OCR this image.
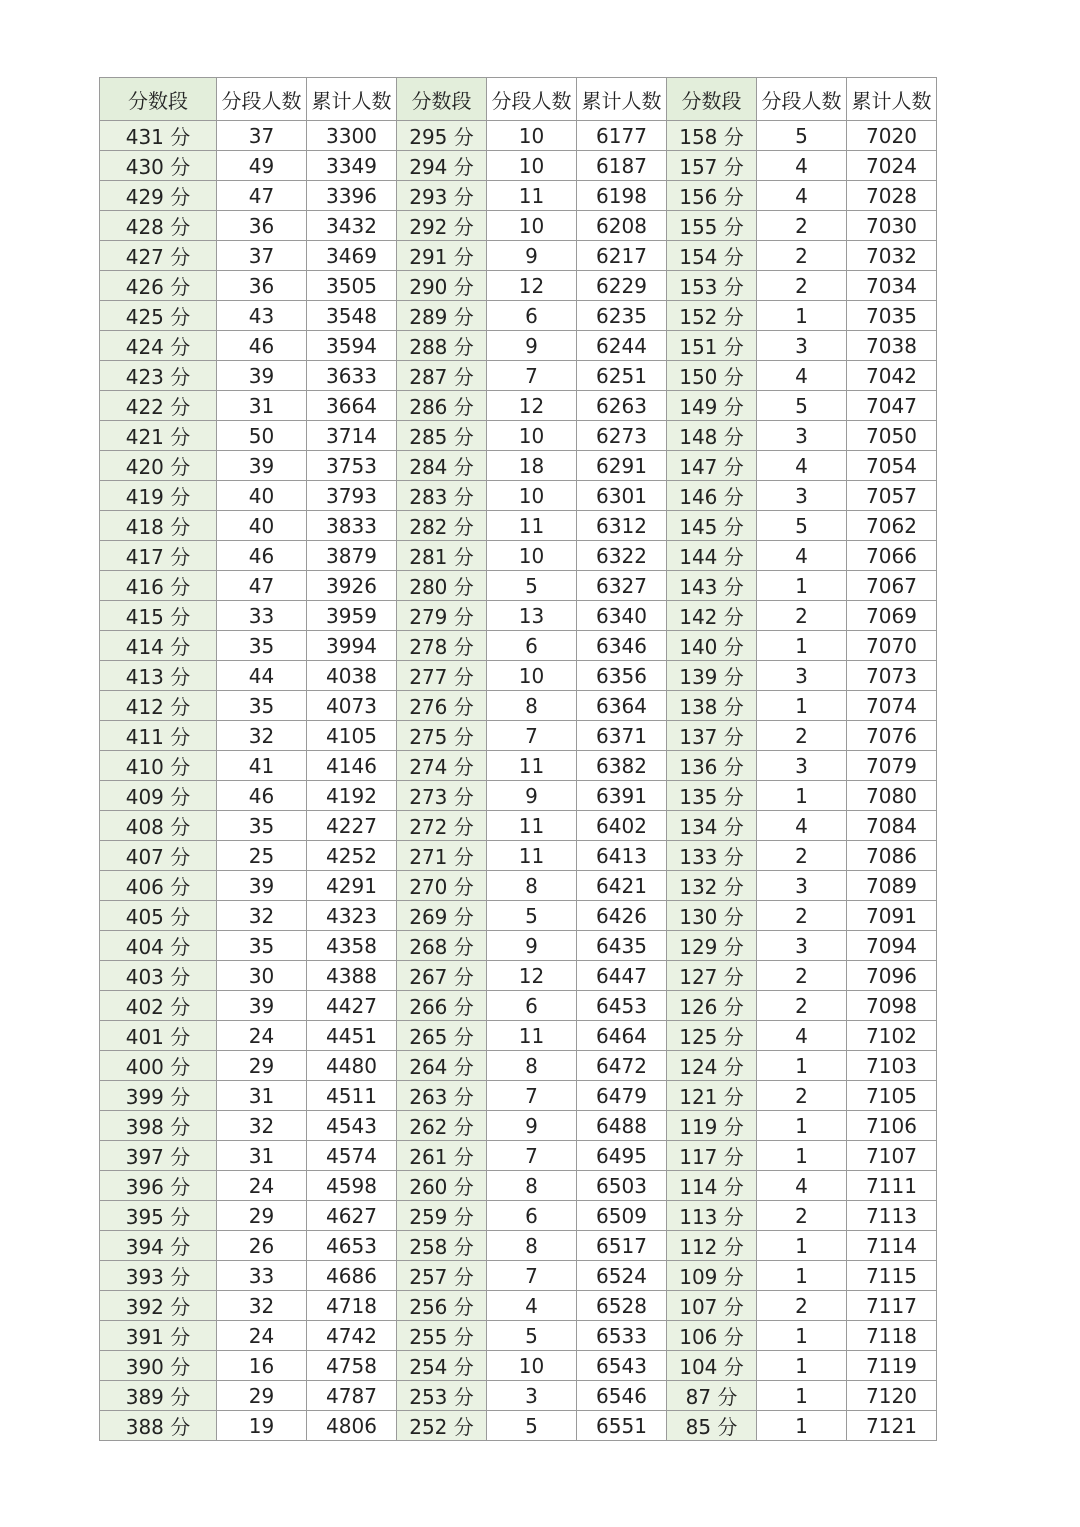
分数段	分段人数	累计人数	分数段	分段人数	累计人数	分数段	分段人数	累计人数
431 分	37	3300	295 分	10	6177	158 分	5	7020
430 分	49	3349	294 分	10	6187	157 分	4	7024
429 分	47	3396	293 分	11	6198	156 分	4	7028
428 分	36	3432	292 分	10	6208	155 分	2	7030
427 分	37	3469	291 分	9	6217	154 分	2	7032
426 分	36	3505	290 分	12	6229	153 分	2	7034
425 分	43	3548	289 分	6	6235	152 分	1	7035
424 分	46	3594	288 分	9	6244	151 分	3	7038
423 分	39	3633	287 分	7	6251	150 分	4	7042
422 分	31	3664	286 分	12	6263	149 分	5	7047
421 分	50	3714	285 分	10	6273	148 分	3	7050
420 分	39	3753	284 分	18	6291	147 分	4	7054
419 分	40	3793	283 分	10	6301	146 分	3	7057
418 分	40	3833	282 分	11	6312	145 分	5	7062
417 分	46	3879	281 分	10	6322	144 分	4	7066
416 分	47	3926	280 分	5	6327	143 分	1	7067
415 分	33	3959	279 分	13	6340	142 分	2	7069
414 分	35	3994	278 分	6	6346	140 分	1	7070
413 分	44	4038	277 分	10	6356	139 分	3	7073
412 分	35	4073	276 分	8	6364	138 分	1	7074
411 分	32	4105	275 分	7	6371	137 分	2	7076
410 分	41	4146	274 分	11	6382	136 分	3	7079
409 分	46	4192	273 分	9	6391	135 分	1	7080
408 分	35	4227	272 分	11	6402	134 分	4	7084
407 分	25	4252	271 分	11	6413	133 分	2	7086
406 分	39	4291	270 分	8	6421	132 分	3	7089
405 分	32	4323	269 分	5	6426	130 分	2	7091
404 分	35	4358	268 分	9	6435	129 分	3	7094
403 分	30	4388	267 分	12	6447	127 分	2	7096
402 分	39	4427	266 分	6	6453	126 分	2	7098
401 分	24	4451	265 分	11	6464	125 分	4	7102
400 分	29	4480	264 分	8	6472	124 分	1	7103
399 分	31	4511	263 分	7	6479	121 分	2	7105
398 分	32	4543	262 分	9	6488	119 分	1	7106
397 分	31	4574	261 分	7	6495	117 分	1	7107
396 分	24	4598	260 分	8	6503	114 分	4	7111
395 分	29	4627	259 分	6	6509	113 分	2	7113
394 分	26	4653	258 分	8	6517	112 分	1	7114
393 分	33	4686	257 分	7	6524	109 分	1	7115
392 分	32	4718	256 分	4	6528	107 分	2	7117
391 分	24	4742	255 分	5	6533	106 分	1	7118
390 分	16	4758	254 分	10	6543	104 分	1	7119
389 分	29	4787	253 分	3	6546	87 分	1	7120
388 分	19	4806	252 分	5	6551	85 分	1	7121
